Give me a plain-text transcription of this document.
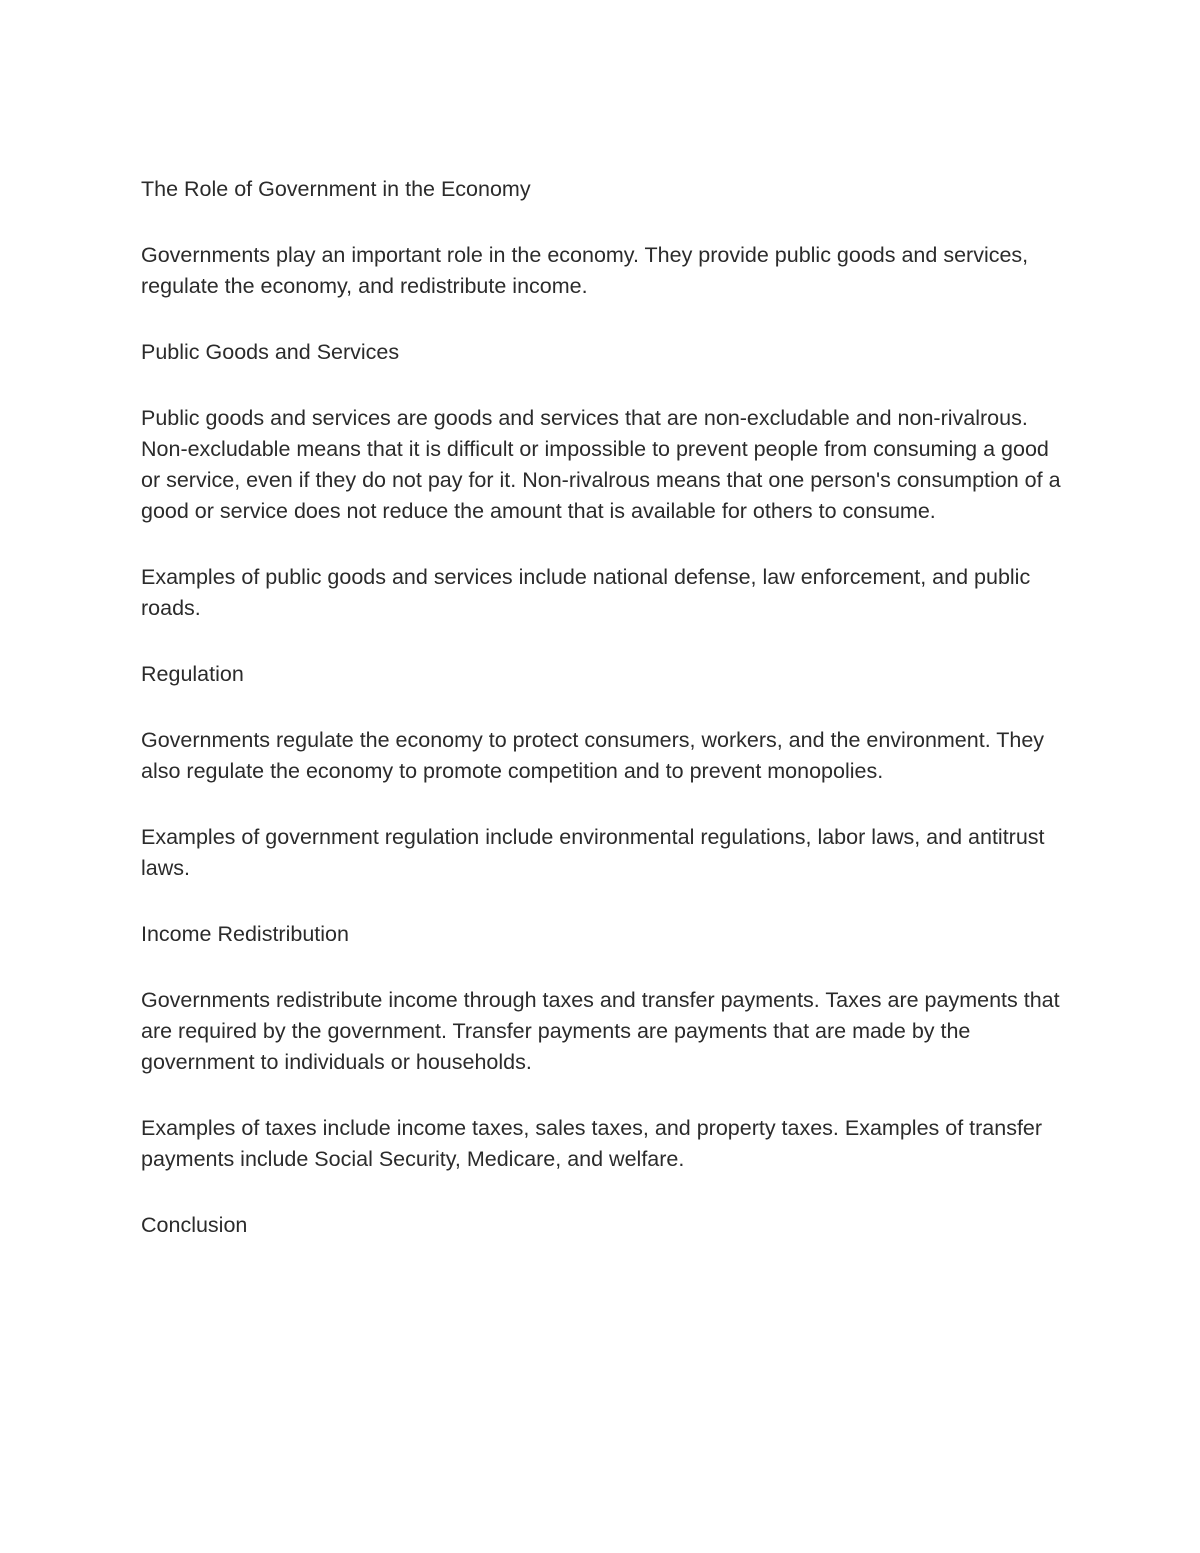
The Role of Government in the Economy

Governments play an important role in the economy. They provide public goods and services, regulate the economy, and redistribute income.

Public Goods and Services

Public goods and services are goods and services that are non-excludable and non-rivalrous. Non-excludable means that it is difficult or impossible to prevent people from consuming a good or service, even if they do not pay for it. Non-rivalrous means that one person's consumption of a good or service does not reduce the amount that is available for others to consume.

Examples of public goods and services include national defense, law enforcement, and public roads.

Regulation

Governments regulate the economy to protect consumers, workers, and the environment. They also regulate the economy to promote competition and to prevent monopolies.

Examples of government regulation include environmental regulations, labor laws, and antitrust laws.

Income Redistribution

Governments redistribute income through taxes and transfer payments. Taxes are payments that are required by the government. Transfer payments are payments that are made by the government to individuals or households.

Examples of taxes include income taxes, sales taxes, and property taxes. Examples of transfer payments include Social Security, Medicare, and welfare.

Conclusion
